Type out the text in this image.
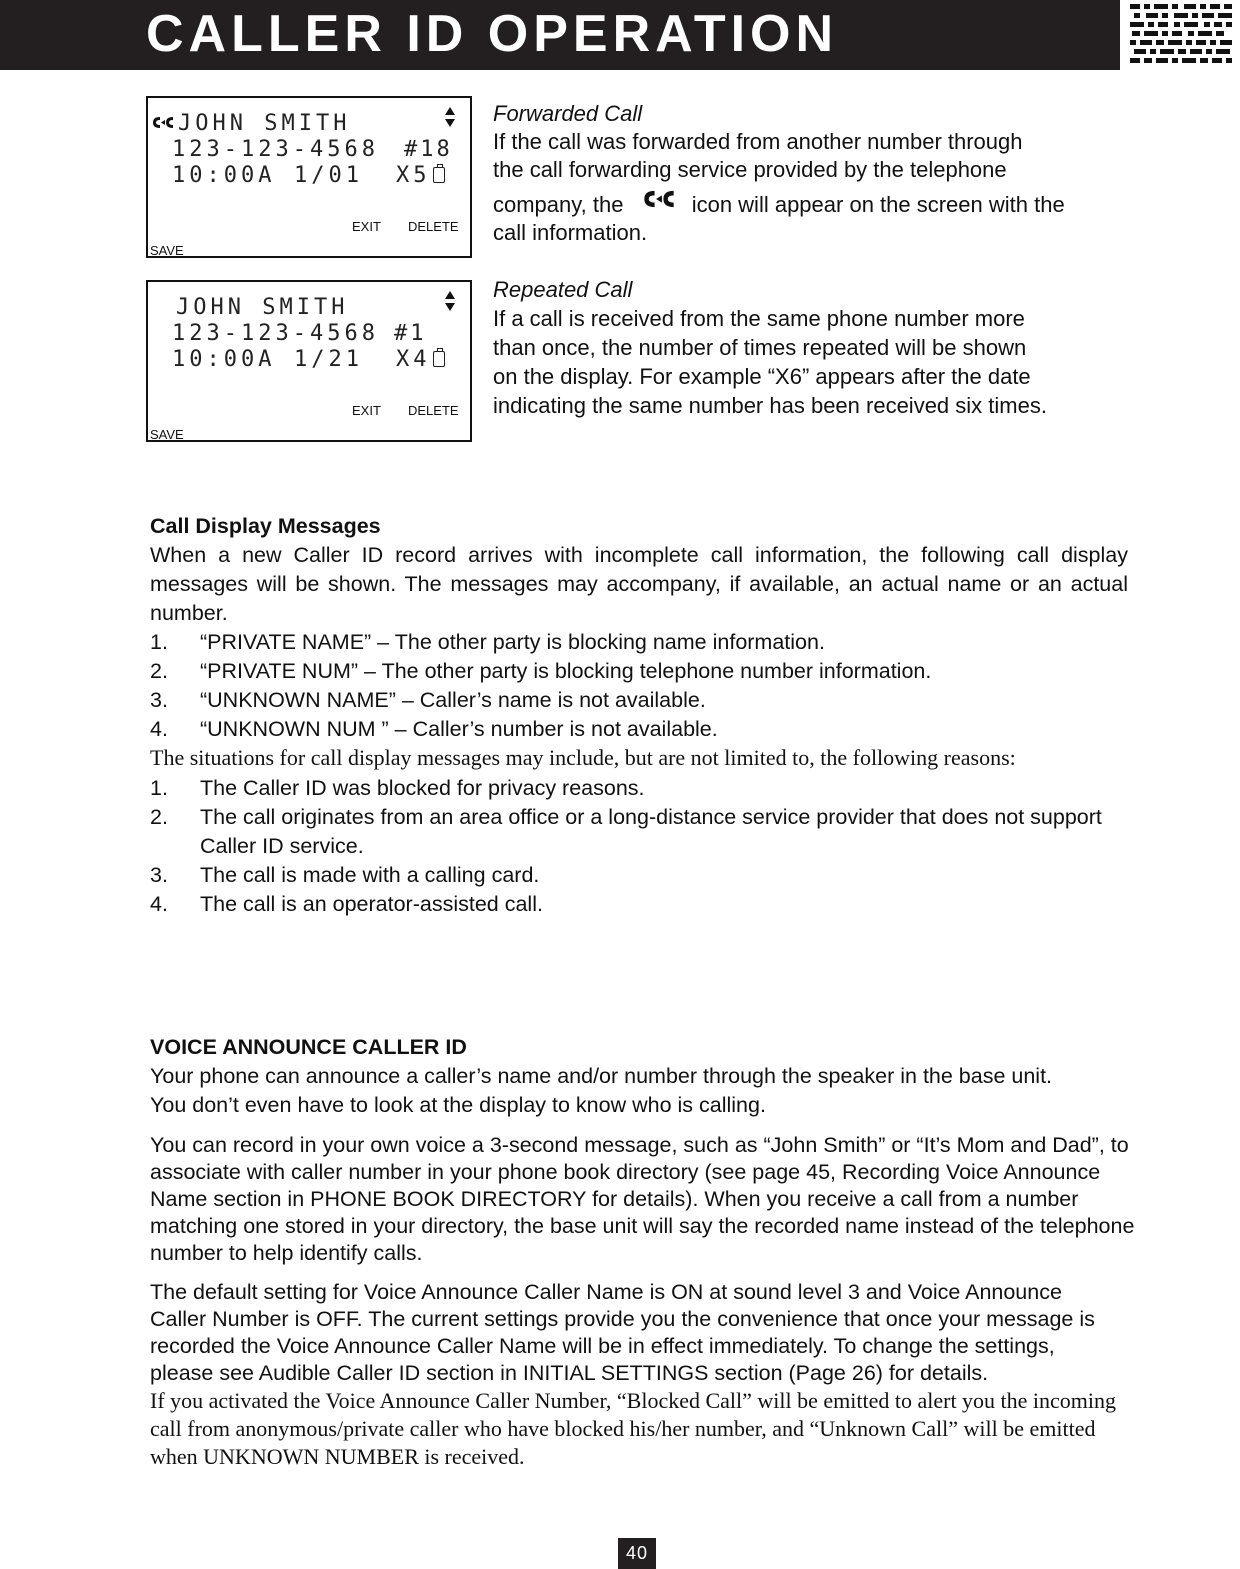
CALLER ID OPERATION
JOHN SMITH
123-123-4568 #18
10:00A 1/01 X5
EXIT DELETE
SAVE
JOHN SMITH
123-123-4568 #1
10:00A 1/21 X4
EXIT DELETE
SAVE
Forwarded Call
If the call was forwarded from another number through
the call forwarding service provided by the telephone
company, the	icon will appear on the screen with the
call information.
Repeated Call
If a call is received from the same phone number more
than once, the number of times repeated will be shown
on the display. For example “X6” appears after the date
indicating the same number has been received six times.
Call Display Messages
When a new Caller ID record arrives with incomplete call information, the following call display messages will be shown. The messages may accompany, if available, an actual name or an actual number.
1. “PRIVATE NAME” – The other party is blocking name information.
2. “PRIVATE NUM” – The other party is blocking telephone number information.
3. “UNKNOWN NAME” – Caller’s name is not available.
4. “UNKNOWN NUM ” – Caller’s number is not available.
The situations for call display messages may include, but are not limited to, the following reasons:
1. The Caller ID was blocked for privacy reasons.
2. The call originates from an area office or a long-distance service provider that does not support Caller ID service.
3. The call is made with a calling card.
4. The call is an operator-assisted call.
VOICE ANNOUNCE CALLER ID
Your phone can announce a caller’s name and/or number through the speaker in the base unit. You don’t even have to look at the display to know who is calling.
You can record in your own voice a 3-second message, such as “John Smith” or “It’s Mom and Dad”, to associate with caller number in your phone book directory (see page 45, Recording Voice Announce Name section in PHONE BOOK DIRECTORY for details). When you receive a call from a number matching one stored in your directory, the base unit will say the recorded name instead of the telephone number to help identify calls.
The default setting for Voice Announce Caller Name is ON at sound level 3 and Voice Announce Caller Number is OFF. The current settings provide you the convenience that once your message is recorded the Voice Announce Caller Name will be in effect immediately. To change the settings, please see Audible Caller ID section in INITIAL SETTINGS section (Page 26) for details.
If you activated the Voice Announce Caller Number, “Blocked Call” will be emitted to alert you the incoming call from anonymous/private caller who have blocked his/her number, and “Unknown Call” will be emitted when UNKNOWN NUMBER is received.
40
